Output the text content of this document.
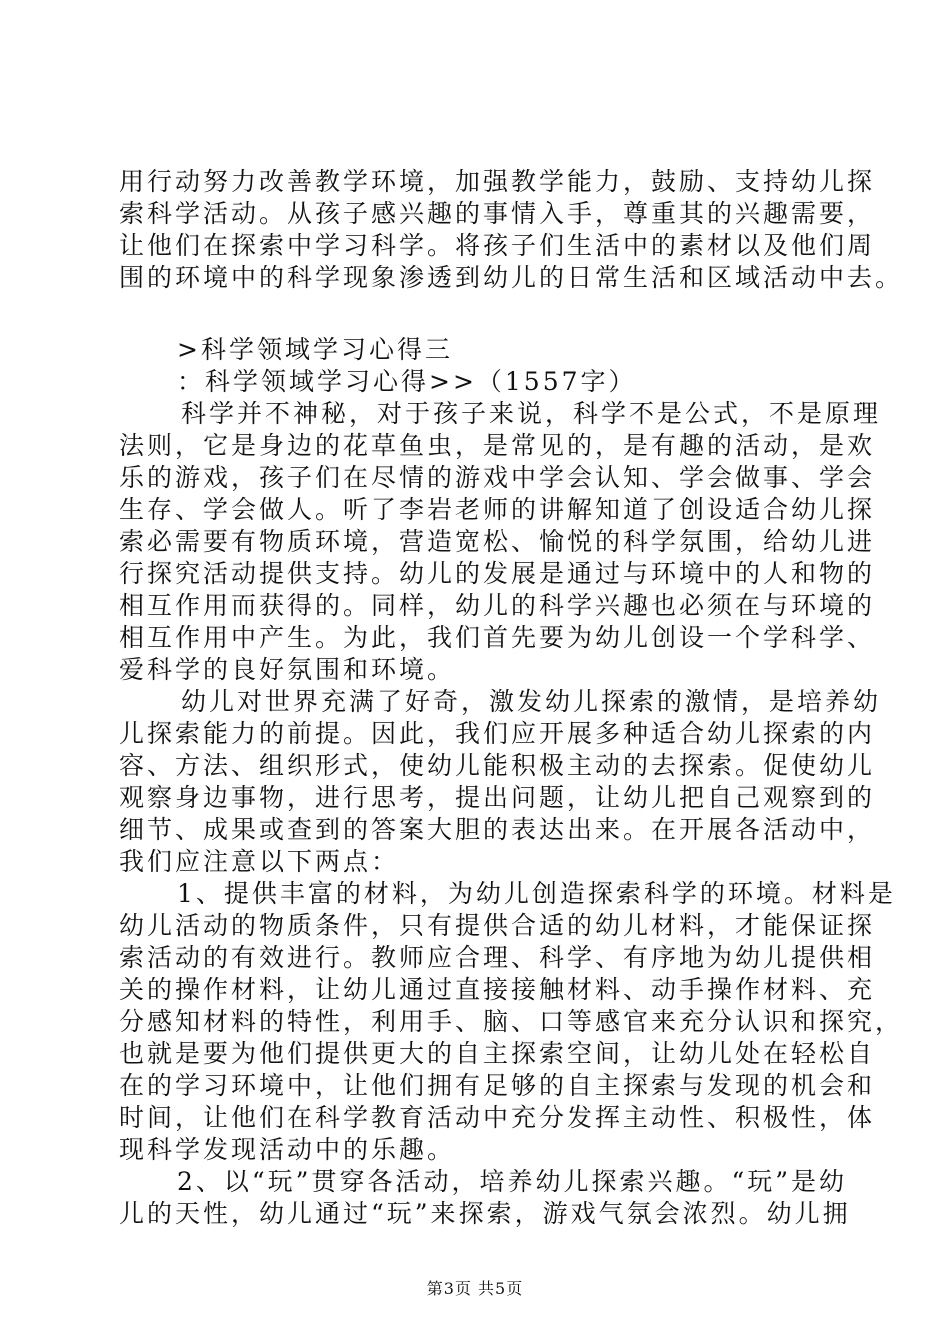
用行动努力改善教学环境，加强教学能力，鼓励、支持幼儿探
索科学活动。从孩子感兴趣的事情入手，尊重其的兴趣需要，
让他们在探索中学习科学。将孩子们生活中的素材以及他们周
围的环境中的科学现象渗透到幼儿的日常生活和区域活动中去。
>科学领域学习心得三
：科学领域学习心得>>（1557字）
科学并不神秘，对于孩子来说，科学不是公式，不是原理
法则，它是身边的花草鱼虫，是常见的，是有趣的活动，是欢
乐的游戏，孩子们在尽情的游戏中学会认知、学会做事、学会
生存、学会做人。听了李岩老师的讲解知道了创设适合幼儿探
索必需要有物质环境，营造宽松、愉悦的科学氛围，给幼儿进
行探究活动提供支持。幼儿的发展是通过与环境中的人和物的
相互作用而获得的。同样，幼儿的科学兴趣也必须在与环境的
相互作用中产生。为此，我们首先要为幼儿创设一个学科学、
爱科学的良好氛围和环境。
幼儿对世界充满了好奇，激发幼儿探索的激情，是培养幼
儿探索能力的前提。因此，我们应开展多种适合幼儿探索的内
容、方法、组织形式，使幼儿能积极主动的去探索。促使幼儿
观察身边事物，进行思考，提出问题，让幼儿把自己观察到的
细节、成果或查到的答案大胆的表达出来。在开展各活动中，
我们应注意以下两点：
1、提供丰富的材料，为幼儿创造探索科学的环境。材料是
幼儿活动的物质条件，只有提供合适的幼儿材料，才能保证探
索活动的有效进行。教师应合理、科学、有序地为幼儿提供相
关的操作材料，让幼儿通过直接接触材料、动手操作材料、充
分感知材料的特性，利用手、脑、口等感官来充分认识和探究，
也就是要为他们提供更大的自主探索空间，让幼儿处在轻松自
在的学习环境中，让他们拥有足够的自主探索与发现的机会和
时间，让他们在科学教育活动中充分发挥主动性、积极性，体
现科学发现活动中的乐趣。
2、以“玩”贯穿各活动，培养幼儿探索兴趣。“玩”是幼
儿的天性，幼儿通过“玩”来探索，游戏气氛会浓烈。幼儿拥
第3页 共5页
